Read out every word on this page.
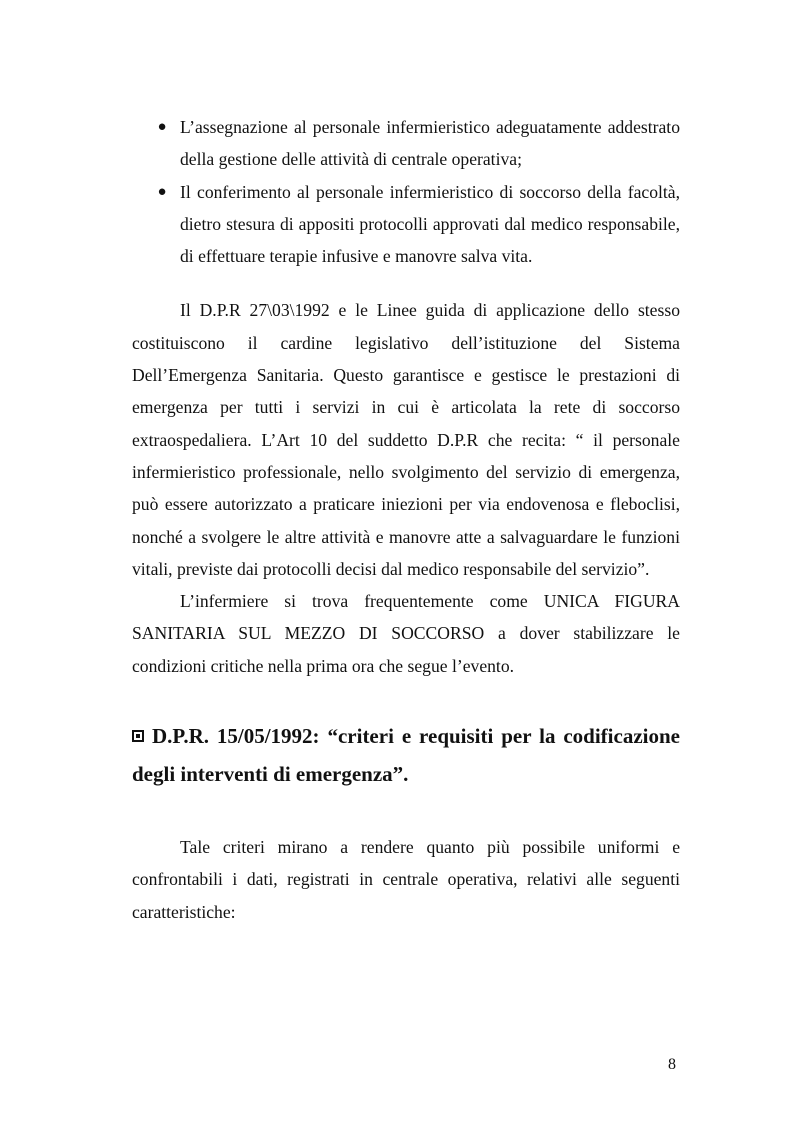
● L’assegnazione al personale infermieristico adeguatamente addestrato della gestione delle attività di centrale operativa;
● Il conferimento al personale infermieristico di soccorso della facoltà, dietro stesura di appositi protocolli approvati dal medico responsabile, di effettuare terapie infusive e manovre salva vita.

Il D.P.R 27\03\1992 e le Linee guida di applicazione dello stesso costituiscono il cardine legislativo dell’istituzione del Sistema Dell’Emergenza Sanitaria. Questo garantisce e gestisce le prestazioni di emergenza per tutti i servizi in cui è articolata la rete di soccorso extraospedaliera. L’Art 10 del suddetto D.P.R che recita: “ il personale infermieristico professionale, nello svolgimento del servizio di emergenza, può essere autorizzato a praticare iniezioni per via endovenosa e fleboclisi, nonché a svolgere le altre attività e manovre atte a salvaguardare le funzioni vitali, previste dai protocolli decisi dal medico responsabile del servizio”.

L’infermiere si trova frequentemente come UNICA FIGURA SANITARIA SUL MEZZO DI SOCCORSO a dover stabilizzare le condizioni critiche nella prima ora che segue l’evento.

D.P.R. 15/05/1992: “criteri e requisiti per la codificazione degli interventi di emergenza”.

Tale criteri mirano a rendere quanto più possibile uniformi e confrontabili i dati, registrati in centrale operativa, relativi alle seguenti caratteristiche:

8
